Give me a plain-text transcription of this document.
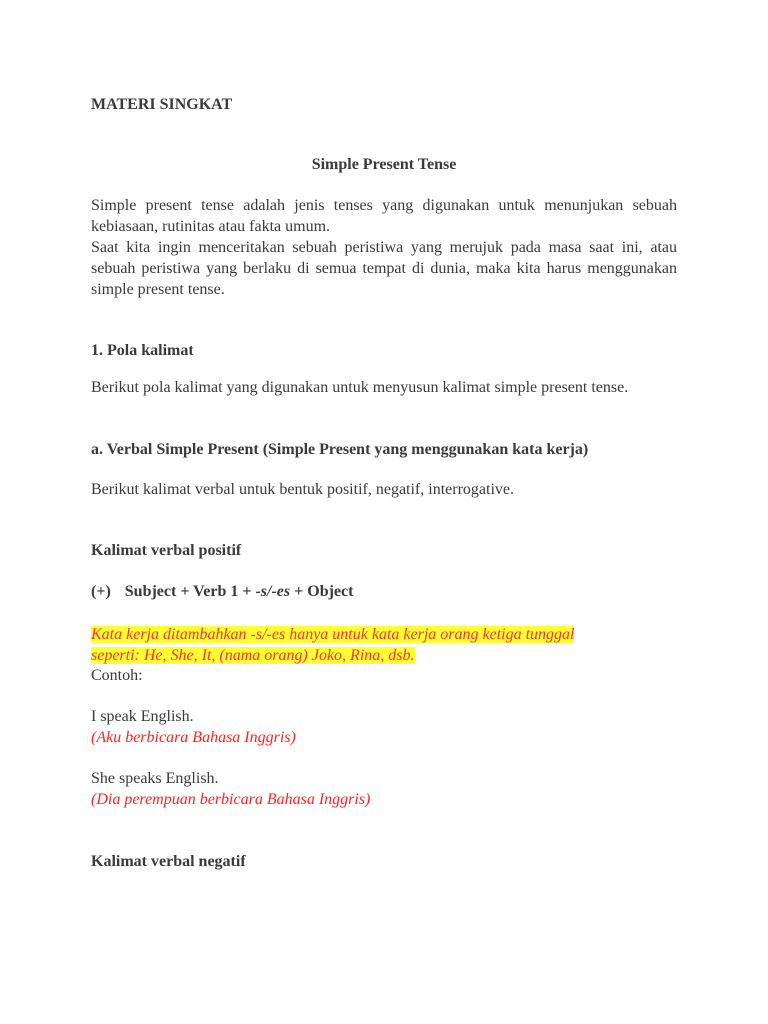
MATERI SINGKAT
Simple Present Tense
Simple present tense adalah jenis tenses yang digunakan untuk menunjukan sebuah kebiasaan, rutinitas atau fakta umum.
Saat kita ingin menceritakan sebuah peristiwa yang merujuk pada masa saat ini, atau sebuah peristiwa yang berlaku di semua tempat di dunia, maka kita harus menggunakan simple present tense.
1. Pola kalimat
Berikut pola kalimat yang digunakan untuk menyusun kalimat simple present tense.
a. Verbal Simple Present (Simple Present yang menggunakan kata kerja)
Berikut kalimat verbal untuk bentuk positif, negatif, interrogative.
Kalimat verbal positif
(+) Subject + Verb 1 + -s/-es + Object
Kata kerja ditambahkan -s/-es hanya untuk kata kerja orang ketiga tunggal
seperti: He, She, It, (nama orang) Joko, Rina, dsb.
Contoh:
I speak English.
(Aku berbicara Bahasa Inggris)
She speaks English.
(Dia perempuan berbicara Bahasa Inggris)
Kalimat verbal negatif
